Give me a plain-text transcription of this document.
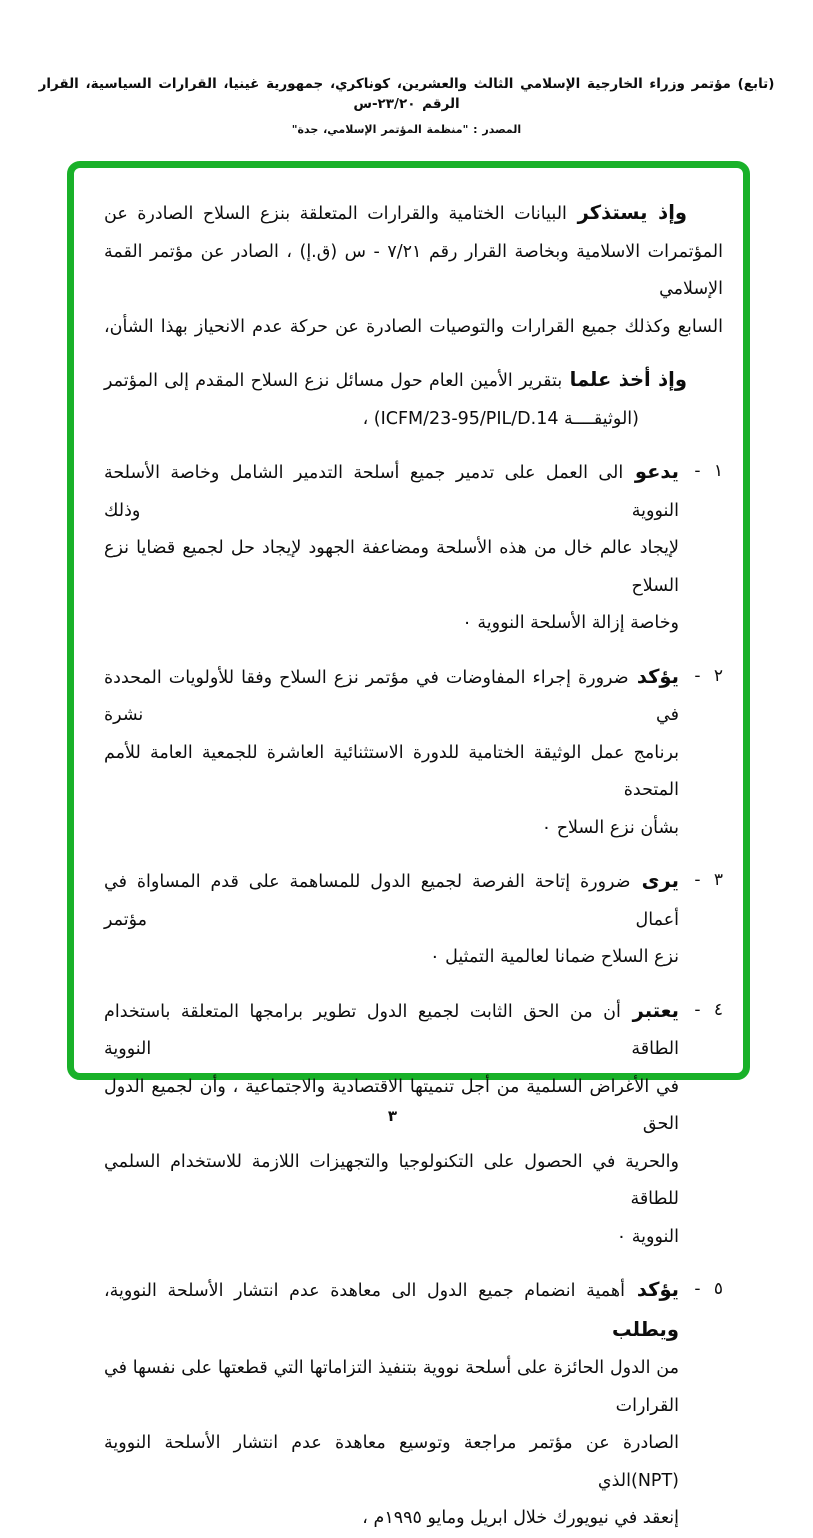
(تابع) مؤتمر وزراء الخارجية الإسلامي الثالث والعشرين، كوناكري، جمهورية غينيا، القرارات السياسية، القرار الرقم ٢٣/٢٠-س
المصدر : "منظمة المؤتمر الإسلامي، جدة"
وإذ يستذكر البيانات الختامية والقرارات المتعلقة بنزع السلاح الصادرة عن
المؤتمرات الاسلامية وبخاصة القرار رقم ٧/٢١ - س (ق.إ) ، الصادر عن مؤتمر القمة الإسلامي
السابع وكذلك جميع القرارات والتوصيات الصادرة عن حركة عدم الانحياز بهذا الشأن،
وإذ أخذ علما بتقرير الأمين العام حول مسائل نزع السلاح المقدم إلى المؤتمر
(الوثيقــــة ICFM/23-95/PIL/D.14) ،
١ -
يدعو الى العمل على تدمير جميع أسلحة التدمير الشامل وخاصة الأسلحة النووية وذلك
لإيجاد عالم خال من هذه الأسلحة ومضاعفة الجهود لإيجاد حل لجميع قضايا نزع السلاح
وخاصة إزالة الأسلحة النووية ٠
٢ -
يؤكد ضرورة إجراء المفاوضات في مؤتمر نزع السلاح وفقا للأولويات المحددة في نشرة
برنامج عمل الوثيقة الختامية للدورة الاستثنائية العاشرة للجمعية العامة للأمم المتحدة
بشأن نزع السلاح ٠
٣ -
يرى ضرورة إتاحة الفرصة لجميع الدول للمساهمة على قدم المساواة في أعمال مؤتمر
نزع السلاح ضمانا لعالمية التمثيل ٠
٤ -
يعتبر أن من الحق الثابت لجميع الدول تطوير برامجها المتعلقة باستخدام الطاقة النووية
في الأغراض السلمية من أجل تنميتها الاقتصادية والاجتماعية ، وأن لجميع الدول الحق
والحرية في الحصول على التكنولوجيا والتجهيزات اللازمة للاستخدام السلمي للطاقة
النووية ٠
٥ -
يؤكد أهمية انضمام جميع الدول الى معاهدة عدم انتشار الأسلحة النووية، ويطلب
من الدول الحائزة على أسلحة نووية بتنفيذ التزاماتها التي قطعتها على نفسها في القرارات
الصادرة عن مؤتمر مراجعة وتوسيع معاهدة عدم انتشار الأسلحة النووية (NPT)الذي
إنعقد في نيويورك خلال ابريل ومايو ١٩٩٥م ،
٣
